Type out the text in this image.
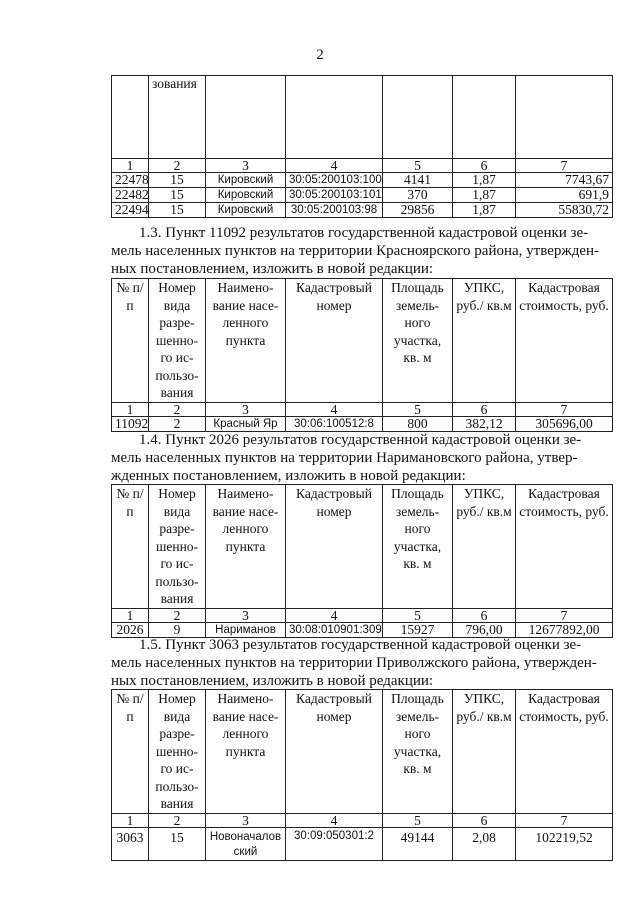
2
	зования					
1	2	3	4	5	6	7
22478	15	Кировский	30:05:200103:100	4141	1,87	7743,67
22482	15	Кировский	30:05:200103:101	370	1,87	691,9
22494	15	Кировский	30:05:200103:98	29856	1,87	55830,72
1.3. Пункт 11092 результатов государственной кадастровой оценки зе-
мель населенных пунктов на территории Красноярского района, утвержден-
ных постановлением, изложить в новой редакции:
№ п/п	Номер вида разре-шенно-го ис-пользо-вания	Наимено-вание насе-ленного пункта	Кадастровый номер	Площадь земель-ного участка, кв. м	УПКС, руб./ кв.м	Кадастровая стоимость, руб.
1	2	3	4	5	6	7
11092	2	Красный Яр	30:06:100512:8	800	382,12	305696,00
1.4. Пункт 2026 результатов государственной кадастровой оценки зе-
мель населенных пунктов на территории Наримановского района, утвер-
жденных постановлением, изложить в новой редакции:
№ п/п	Номер вида разре-шенно-го ис-пользо-вания	Наимено-вание насе-ленного пункта	Кадастровый номер	Площадь земель-ного участка, кв. м	УПКС, руб./ кв.м	Кадастровая стоимость, руб.
1	2	3	4	5	6	7
2026	9	Нариманов	30:08:010901:309	15927	796,00	12677892,00
1.5. Пункт 3063 результатов государственной кадастровой оценки зе-
мель населенных пунктов на территории Приволжского района, утвержден-
ных постановлением, изложить в новой редакции:
№ п/п	Номер вида разре-шенно-го ис-пользо-вания	Наимено-вание насе-ленного пункта	Кадастровый номер	Площадь земель-ного участка, кв. м	УПКС, руб./ кв.м	Кадастровая стоимость, руб.
1	2	3	4	5	6	7
3063	15	Новоначаловский	30:09:050301:2	49144	2,08	102219,52
